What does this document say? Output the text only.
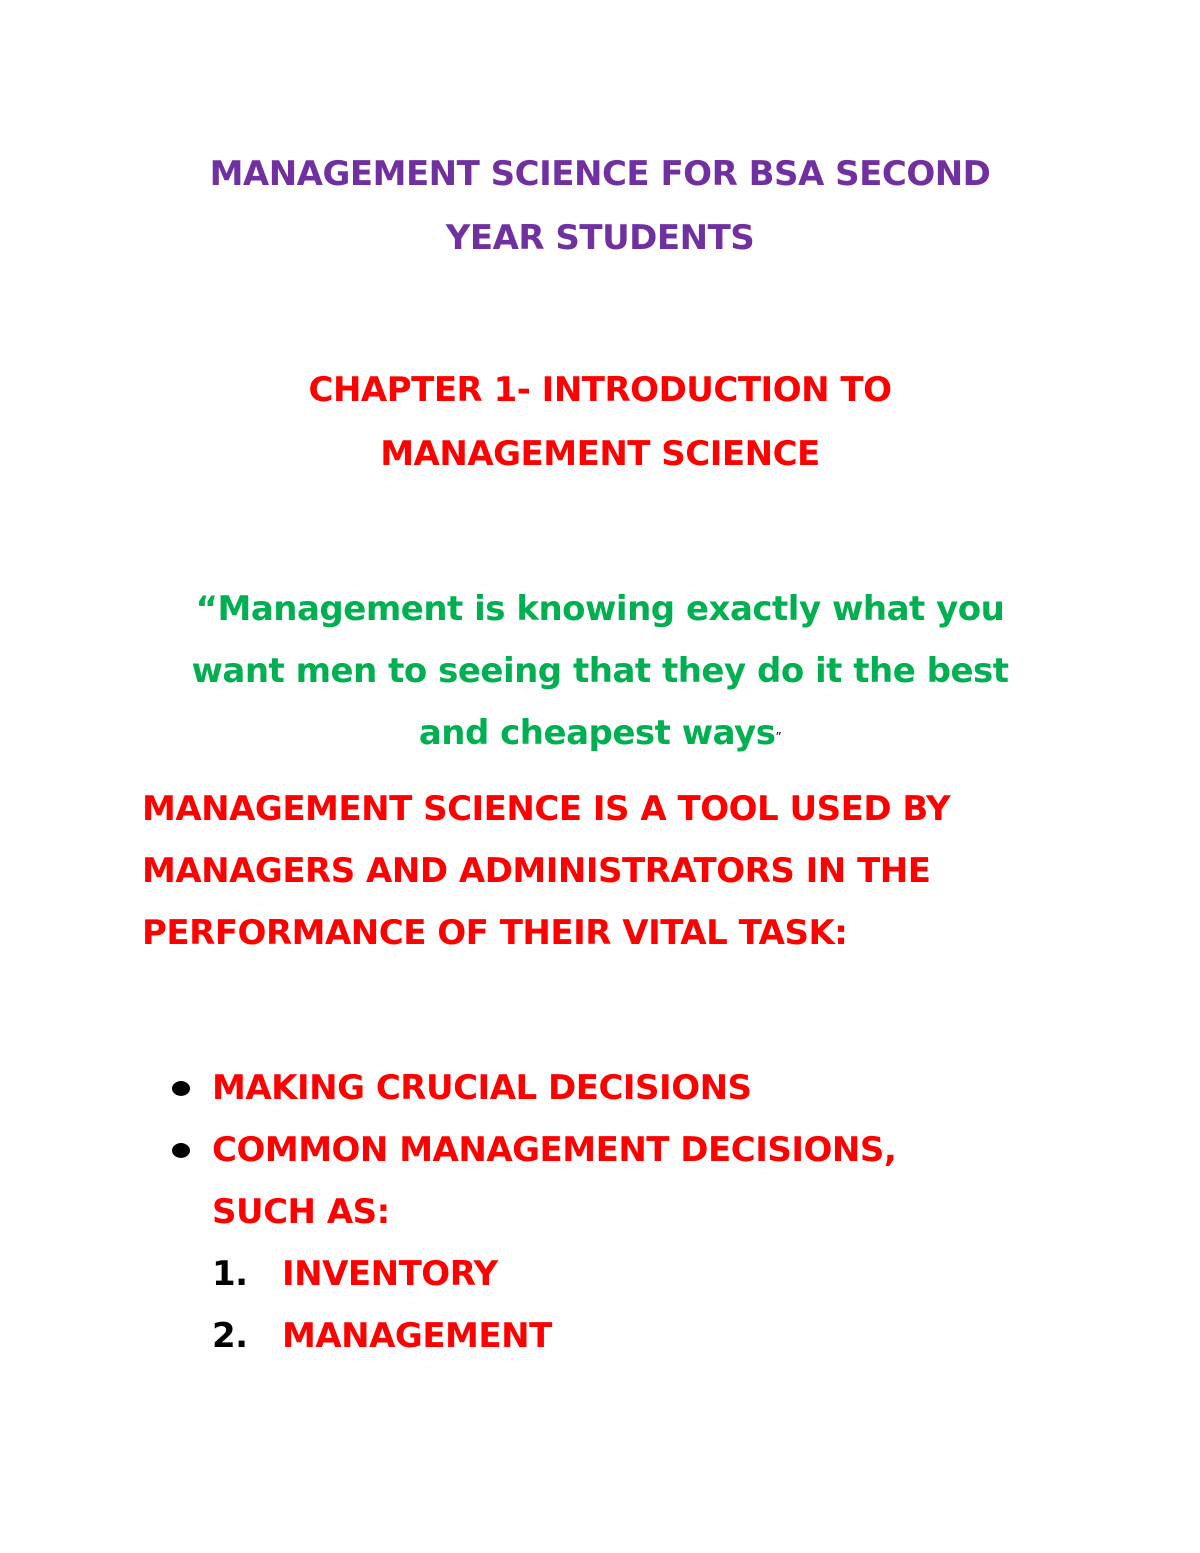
MANAGEMENT SCIENCE FOR BSA SECOND
YEAR STUDENTS
CHAPTER 1- INTRODUCTION TO
MANAGEMENT SCIENCE
“Management is knowing exactly what you
want men to seeing that they do it the best
and cheapest ways”
MANAGEMENT SCIENCE IS A TOOL USED BY
MANAGERS AND ADMINISTRATORS IN THE
PERFORMANCE OF THEIR VITAL TASK:
MAKING CRUCIAL DECISIONS
COMMON MANAGEMENT DECISIONS,
SUCH AS:
1. INVENTORY
2. MANAGEMENT
